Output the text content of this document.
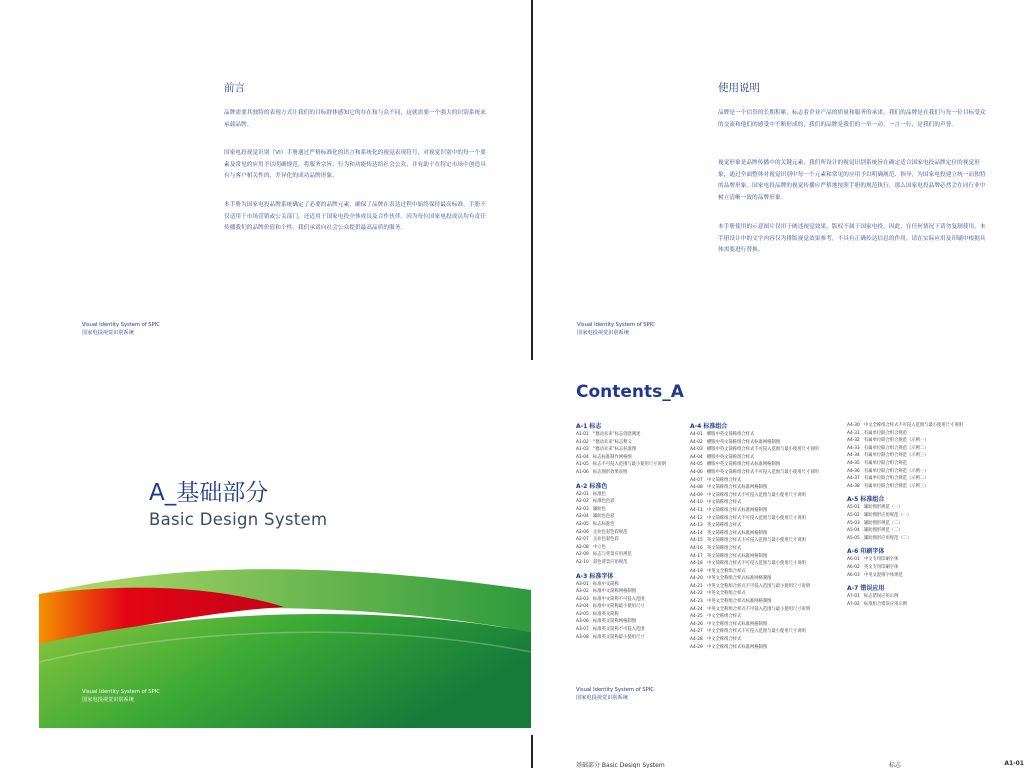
前言

品牌需要其独特的表现方式让我们的目标群体感知它的存在和与众不同，这就需要一个强大的识别系统来承载品牌。

国家电投视觉识别（VI）手册通过严格标准化的语言和系统化的视觉表现符号，对视觉识别中的每一个要素及常见的应用予以明确规范，将服务宗旨、行为和功能传达给社会公众，并有助于在特定市场中创造具有与客户相关性的、差异化的成功品牌形象。

本手册为国家电投品牌系统确定了必要的品牌元素，确保了品牌在表达过程中始终保持最高标准，手册不仅适用于市场营销或公关部门，还适用于国家电投全体成员及合作伙伴。因为每位国家电投成员均有责任传播我们的品牌价值和个性，我们承诺向社会公众提供最高品质的服务。

Visual Identity System of SPIC
国家电投视觉识别系统
使用说明

品牌是一个信誉的长期积累，标志着企业产品的质量和服务的承诺，我们的品牌是在我们与每一位目标受众的交流和他们的感受中不断形成的，我们的品牌是我们的一举一动、一言一行，是我们的声誉。

视觉形象是品牌传播中的关键元素，我们所设计的视觉识别系统旨在确定适合国家电投品牌定位的视觉形象，通过全面整体对视觉识别中每一个元素和常见的应用予以明确规范、指导，为国家电投建立统一而独特的品牌形象。国家电投品牌的视觉传播应严格地按照手册的规范执行，那么国家电投品牌必然会在同行业中树立清晰一致的品牌形象。

本手册使用的示意图片仅用于阐述视觉效果，版权不属于国家电投。因此，在任何情况下请勿复制使用。本手册设计中的文字内容仅为排版视觉效果参考，不具有正确传达信息的作用，请在实际应用及印刷中根据具体需要进行替换。

Visual Identity System of SPIC
国家电投视觉识别系统
A_基础部分
Basic Design System
Visual Identity System of SPIC
国家电投视觉识别系统
Contents_A
A-1 标志
A1-01 “德动未来”标志创意阐述
A1-02 “德动未来”标志释义
A1-03 “德动未来”标志标准图
A1-04 标志标准制作网格图
A1-05 标志不可侵入范围与最小使用尺寸说明
A1-06 标志图形效果说明
A-2 标准色
A2-01 标准色
A2-02 标准色色彩
A2-03 辅助色
A2-04 辅助色色彩
A2-05 标志标准色
A2-06 企业色彩色彩规范
A2-07 企业色彩色彩
A2-08 中立色
A2-09 标志与背景应用规范
A2-10 彩色背景应用规范
A-3 标准字体
A3-01 标准中文简称
A3-02 标准中文简称网格制图
A3-03 标准中文简称不可侵入范围
A3-04 标准中文简称最小使用尺寸
A3-05 标准英文简称
A3-06 标准英文简称网格制图
A3-07 标准英文简称不可侵入范围
A3-08 标准英文简称最小使用尺寸
A-4 标准组合
A4-01 横版中英文简称组合样式
A4-02 横版中英文简称组合样式标准网格制图
A4-03 横版中英文简称组合样式不可侵入范围与最小使用尺寸说明
A4-04 横版中英文简称组合样式
A4-05 横版中英文简称组合样式标准网格制图
A4-06 横版中英文简称组合样式不可侵入范围与最小使用尺寸说明
A4-07 中文简称组合样式
A4-08 中文简称组合样式标准网格制图
A4-09 中文简称组合样式不可侵入范围与最小使用尺寸说明
A4-10 中文简称组合样式
A4-11 中文简称组合样式标准网格制图
A4-12 中文简称组合样式不可侵入范围与最小使用尺寸说明
A4-13 英文简称组合样式
A4-14 英文简称组合样式标准网格制图
A4-15 英文简称组合样式不可侵入范围与最小使用尺寸说明
A4-16 英文简称组合样式
A4-17 英文简称组合样式标准网格制图
A4-18 中文简称组合样式不可侵入范围与最小使用尺寸说明
A4-19 中英文全称组合样式
A4-20 中英文全称组合样式标准网格制图
A4-21 中英文全称组合样式不可侵入范围与最小使用尺寸说明
A4-22 中英文全称组合样式
A4-23 中英文全称组合样式标准网格制图
A4-24 中英文全称组合样式不可侵入范围与最小使用尺寸说明
A4-25 中文全称组合样式
A4-26 中文全称组合样式标准网格制图
A4-27 中文全称组合样式不可侵入范围与最小使用尺寸说明
A4-28 中文全称组合样式
A4-29 中文全称组合样式标准网格制图
A4-30 中文全称组合样式不可侵入范围与最小使用尺寸说明
A4-31 有属单位联合组合规范
A4-32 有属单位联合组合规范（示例一）
A4-33 有属单位联合组合规范（示例二）
A4-34 有属单位联合组合规范（示例三）
A4-35 有属单位联合组合规范
A4-36 有属单位联合组合规范（示例一）
A4-37 有属单位联合组合规范（示例二）
A4-38 有属单位联合组合规范（示例三）
A-5 标准组合
A5-01 辅助图形规范（一）
A5-02 辅助图形应用规范（一）
A5-03 辅助图形规范（二）
A5-04 辅助图形规范（二）
A5-05 辅助图形应用规范（二）
A-6 印刷字体
A6-01 中文专用印刷字体
A6-02 英文专用印刷字体
A6-03 中英文混排字体规范
A-7 错误应用
A7-01 标志错误应用示例
A7-02 标准组合错误应用示例
Visual Identity System of SPIC
国家电投视觉识别系统
基础部分 Basic Design System	标志	A1-01
